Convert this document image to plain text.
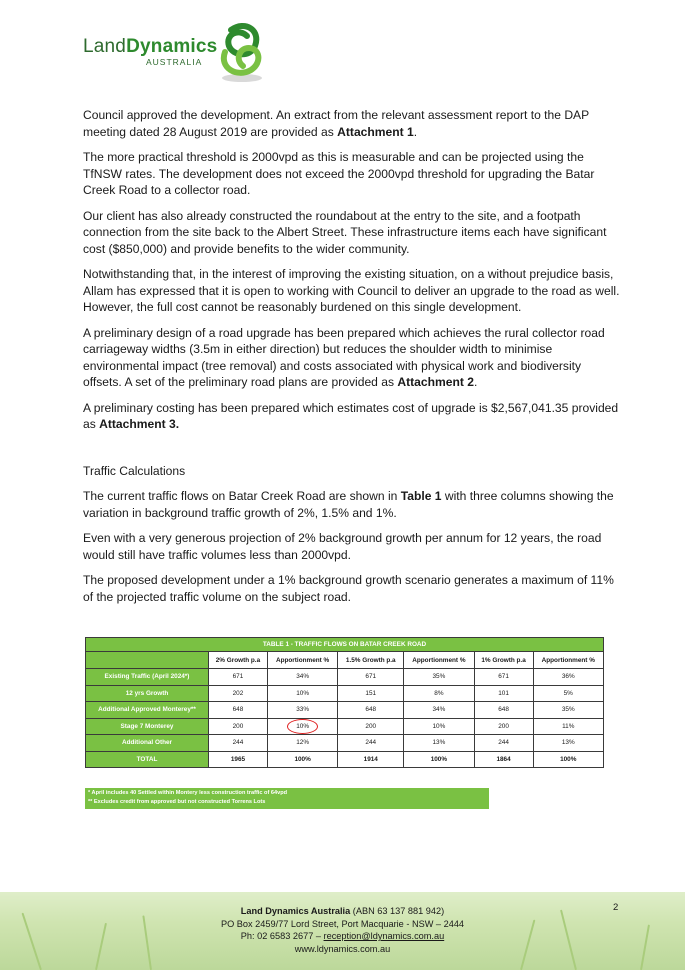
LandDynamics
AUSTRALIA

Council approved the development. An extract from the relevant assessment report to the DAP meeting dated 28 August 2019 are provided as Attachment 1.

The more practical threshold is 2000vpd as this is measurable and can be projected using the TfNSW rates. The development does not exceed the 2000vpd threshold for upgrading the Batar Creek Road to a collector road.

Our client has also already constructed the roundabout at the entry to the site, and a footpath connection from the site back to the Albert Street. These infrastructure items each have significant cost ($850,000) and provide benefits to the wider community.

Notwithstanding that, in the interest of improving the existing situation, on a without prejudice basis, Allam has expressed that it is open to working with Council to deliver an upgrade to the road as well. However, the full cost cannot be reasonably burdened on this single development.

A preliminary design of a road upgrade has been prepared which achieves the rural collector road carriageway widths (3.5m in either direction) but reduces the shoulder width to minimise environmental impact (tree removal) and costs associated with physical work and biodiversity offsets. A set of the preliminary road plans are provided as Attachment 2.

A preliminary costing has been prepared which estimates cost of upgrade is $2,567,041.35 provided as Attachment 3.

Traffic Calculations

The current traffic flows on Batar Creek Road are shown in Table 1 with three columns showing the variation in background traffic growth of 2%, 1.5% and 1%.

Even with a very generous projection of 2% background growth per annum for 12 years, the road would still have traffic volumes less than 2000vpd.

The proposed development under a 1% background growth scenario generates a maximum of 11% of the projected traffic volume on the subject road.

TABLE 1 - TRAFFIC FLOWS ON BATAR CREEK ROAD						
	2% Growth p.a	Apportionment %	1.5% Growth p.a	Apportionment %	1% Growth p.a	Apportionment %
Existing Traffic (April 2024*)	671	34%	671	35%	671	36%
12 yrs Growth	202	10%	151	8%	101	5%
Additional Approved Monterey**	648	33%	648	34%	648	35%
Stage 7 Monterey	200	10%	200	10%	200	11%
Additional Other	244	12%	244	13%	244	13%
TOTAL	1965	100%	1914	100%	1864	100%
* April includes 40 Settled within Montery less construction traffic of 64vpd
** Excludes credit from approved but not constructed Torrens Lots
2
Land Dynamics Australia (ABN 63 137 881 942)
PO Box 2459/77 Lord Street, Port Macquarie - NSW – 2444
Ph: 02 6583 2677 – reception@ldynamics.com.au
www.ldynamics.com.au
